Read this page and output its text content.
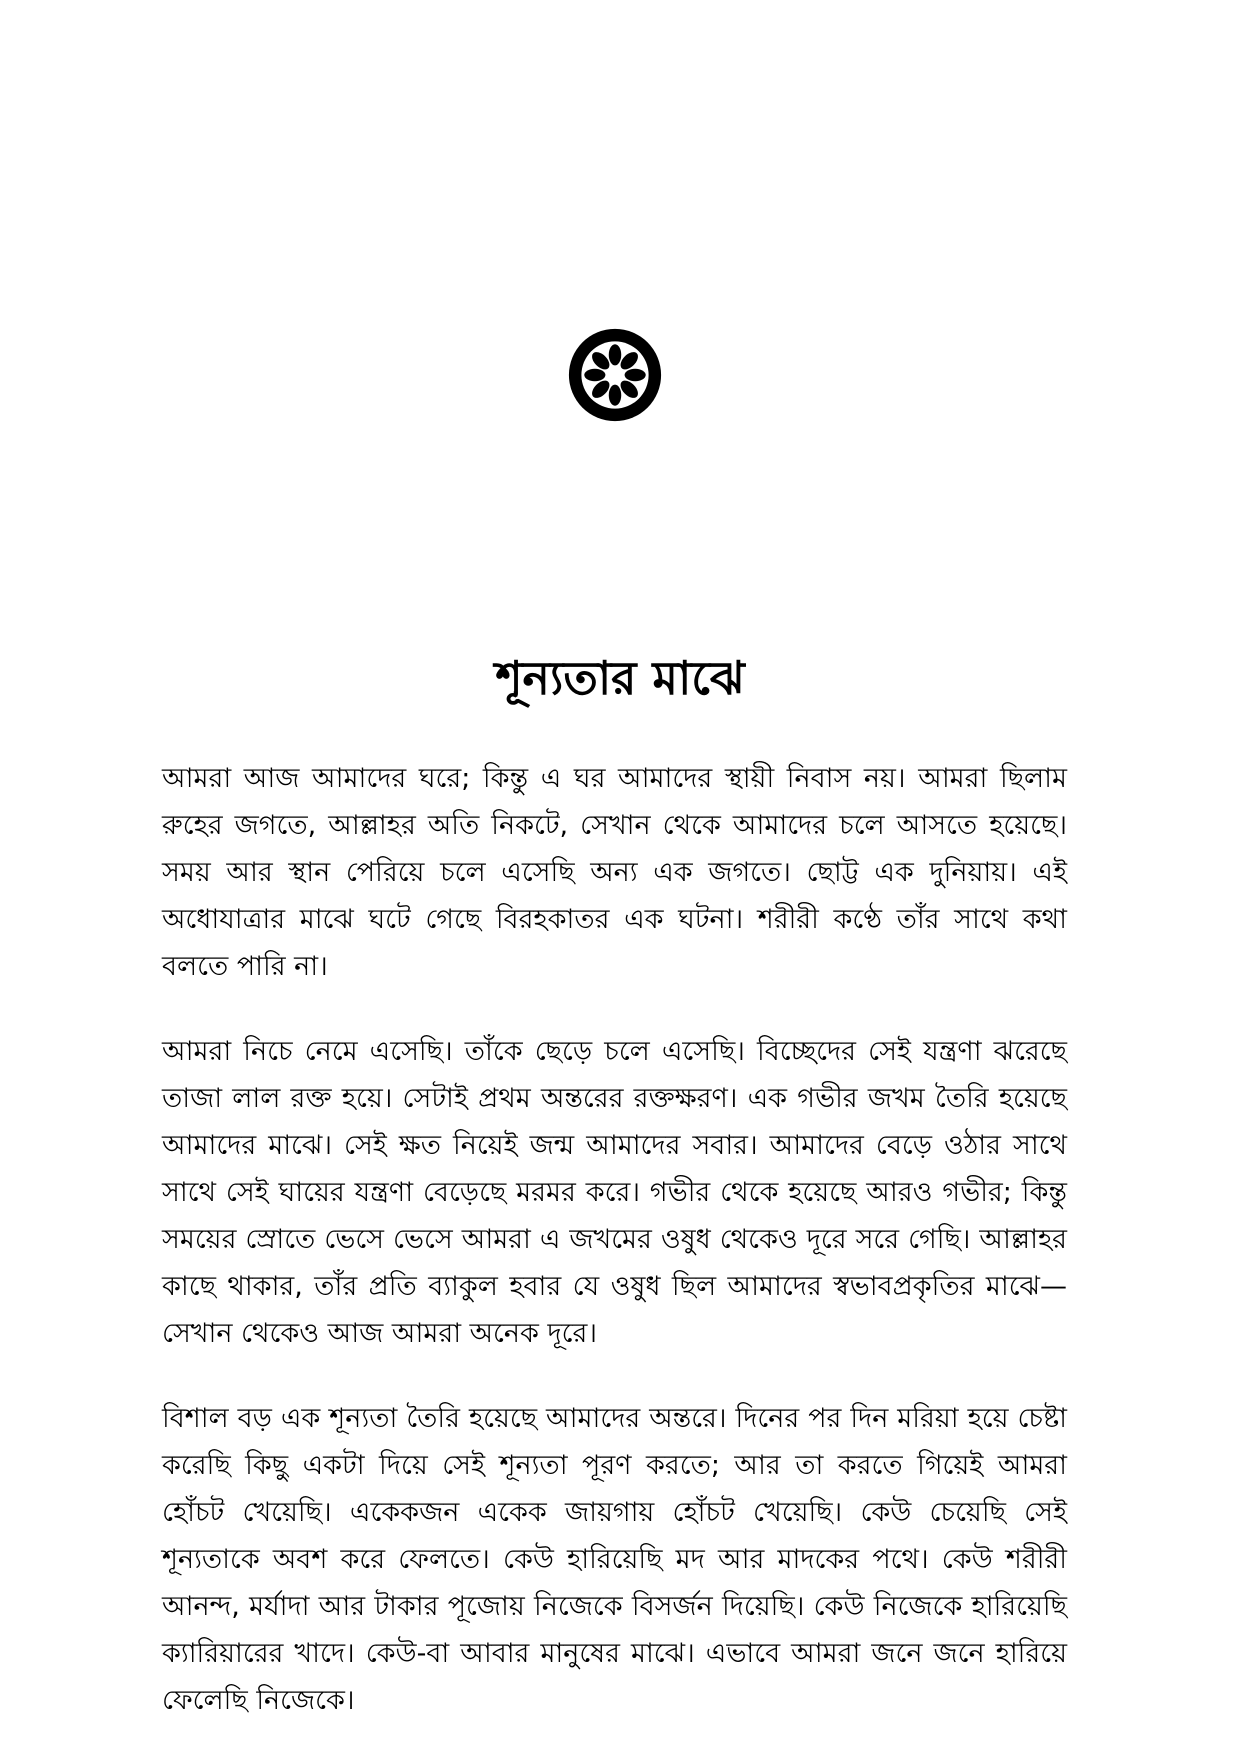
শূন্যতার মাঝে

আমরা আজ আমাদের ঘরে; কিন্তু এ ঘর আমাদের স্থায়ী নিবাস নয়। আমরা ছিলাম রুহের জগতে, আল্লাহর অতি নিকটে, সেখান থেকে আমাদের চলে আসতে হয়েছে। সময় আর স্থান পেরিয়ে চলে এসেছি অন্য এক জগতে। ছোট্ট এক দুনিয়ায়। এই অধোযাত্রার মাঝে ঘটে গেছে বিরহকাতর এক ঘটনা। শরীরী কণ্ঠে তাঁর সাথে কথা বলতে পারি না।

আমরা নিচে নেমে এসেছি। তাঁকে ছেড়ে চলে এসেছি। বিচ্ছেদের সেই যন্ত্রণা ঝরেছে তাজা লাল রক্ত হয়ে। সেটাই প্রথম অন্তরের রক্তক্ষরণ। এক গভীর জখম তৈরি হয়েছে আমাদের মাঝে। সেই ক্ষত নিয়েই জন্ম আমাদের সবার। আমাদের বেড়ে ওঠার সাথে সাথে সেই ঘায়ের যন্ত্রণা বেড়েছে মরমর করে। গভীর থেকে হয়েছে আরও গভীর; কিন্তু সময়ের স্রোতে ভেসে ভেসে আমরা এ জখমের ওষুধ থেকেও দূরে সরে গেছি। আল্লাহর কাছে থাকার, তাঁর প্রতি ব্যাকুল হবার যে ওষুধ ছিল আমাদের স্বভাবপ্রকৃতির মাঝে—সেখান থেকেও আজ আমরা অনেক দূরে।

বিশাল বড় এক শূন্যতা তৈরি হয়েছে আমাদের অন্তরে। দিনের পর দিন মরিয়া হয়ে চেষ্টা করেছি কিছু একটা দিয়ে সেই শূন্যতা পূরণ করতে; আর তা করতে গিয়েই আমরা হোঁচট খেয়েছি। একেকজন একেক জায়গায় হোঁচট খেয়েছি। কেউ চেয়েছি সেই শূন্যতাকে অবশ করে ফেলতে। কেউ হারিয়েছি মদ আর মাদকের পথে। কেউ শরীরী আনন্দ, মর্যাদা আর টাকার পূজোয় নিজেকে বিসর্জন দিয়েছি। কেউ নিজেকে হারিয়েছি ক্যারিয়ারের খাদে। কেউ-বা আবার মানুষের মাঝে। এভাবে আমরা জনে জনে হারিয়ে ফেলেছি নিজেকে।
